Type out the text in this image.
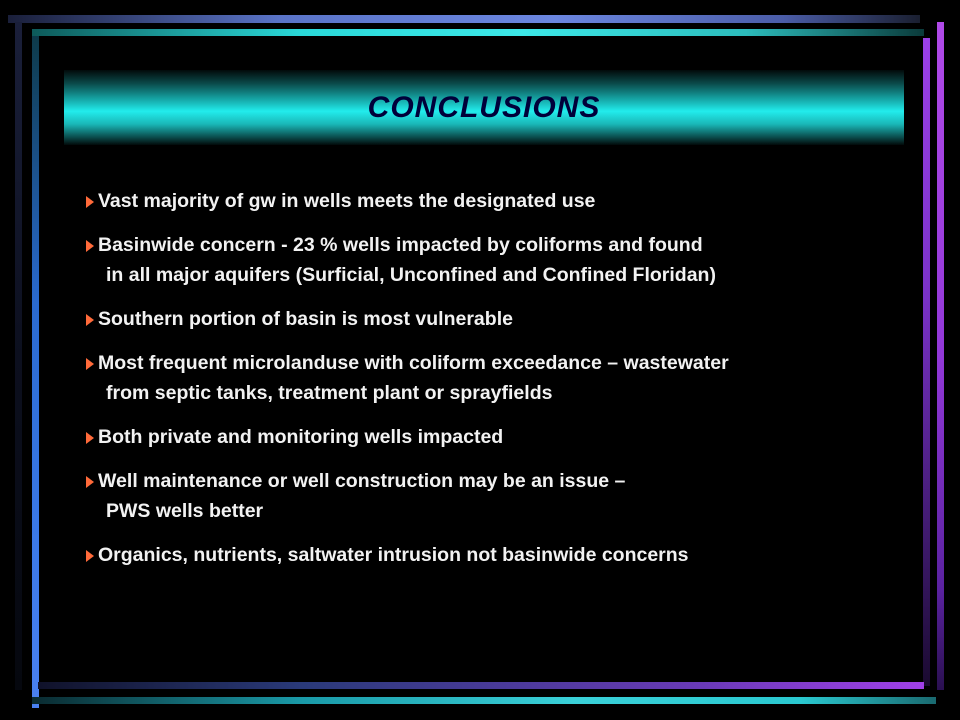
CONCLUSIONS
Vast majority of gw in wells meets the designated use
Basinwide concern - 23 % wells impacted by coliforms and found
in all major aquifers (Surficial, Unconfined and Confined Floridan)
Southern portion of basin is most vulnerable
Most frequent microlanduse with coliform exceedance – wastewater
from septic tanks, treatment plant or sprayfields
Both private and monitoring wells impacted
Well maintenance or well construction may be an issue –
PWS wells better
Organics, nutrients, saltwater intrusion not basinwide concerns
